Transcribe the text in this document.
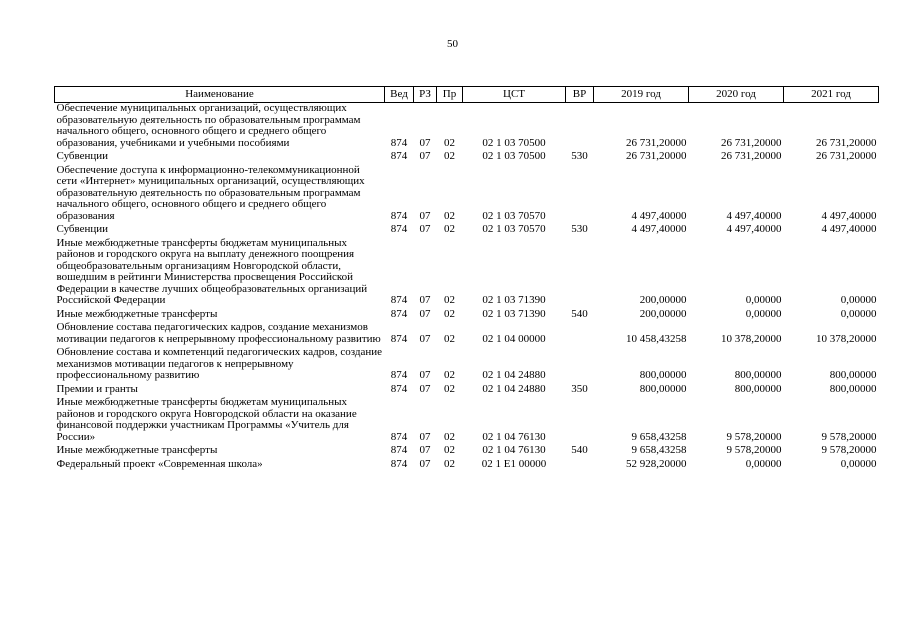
50
Наименование	Вед	РЗ	Пр	ЦСТ	ВР	2019 год	2020 год	2021 год
Обеспечение муниципальных организаций, осуществляющих образовательную деятельность по образовательным программам начального общего, основного общего и среднего общего образования, учебниками и учебными пособиями	874	07	02	02 1 03 70500		26 731,20000	26 731,20000	26 731,20000
Субвенции	874	07	02	02 1 03 70500	530	26 731,20000	26 731,20000	26 731,20000
Обеспечение доступа к информационно-телекоммуникационной сети «Интернет» муниципальных организаций, осуществляющих образовательную деятельность по образовательным программам начального общего, основного общего и среднего общего образования	874	07	02	02 1 03 70570		4 497,40000	4 497,40000	4 497,40000
Субвенции	874	07	02	02 1 03 70570	530	4 497,40000	4 497,40000	4 497,40000
Иные межбюджетные трансферты бюджетам муниципальных районов и городского округа на выплату денежного поощрения общеобразовательным организациям Новгородской области, вошедшим в рейтинги Министерства просвещения Российской Федерации в качестве лучших общеобразовательных организаций Российской Федерации	874	07	02	02 1 03 71390		200,00000	0,00000	0,00000
Иные межбюджетные трансферты	874	07	02	02 1 03 71390	540	200,00000	0,00000	0,00000
Обновление состава педагогических кадров, создание механизмов мотивации педагогов к непрерывному профессиональному развитию	874	07	02	02 1 04 00000		10 458,43258	10 378,20000	10 378,20000
Обновление состава и компетенций педагогических кадров, создание механизмов мотивации педагогов к непрерывному профессиональному развитию	874	07	02	02 1 04 24880		800,00000	800,00000	800,00000
Премии и гранты	874	07	02	02 1 04 24880	350	800,00000	800,00000	800,00000
Иные межбюджетные трансферты бюджетам муниципальных районов и городского округа Новгородской области на оказание финансовой поддержки участникам Программы «Учитель для России»	874	07	02	02 1 04 76130		9 658,43258	9 578,20000	9 578,20000
Иные межбюджетные трансферты	874	07	02	02 1 04 76130	540	9 658,43258	9 578,20000	9 578,20000
Федеральный проект «Современная школа»	874	07	02	02 1 E1 00000		52 928,20000	0,00000	0,00000
